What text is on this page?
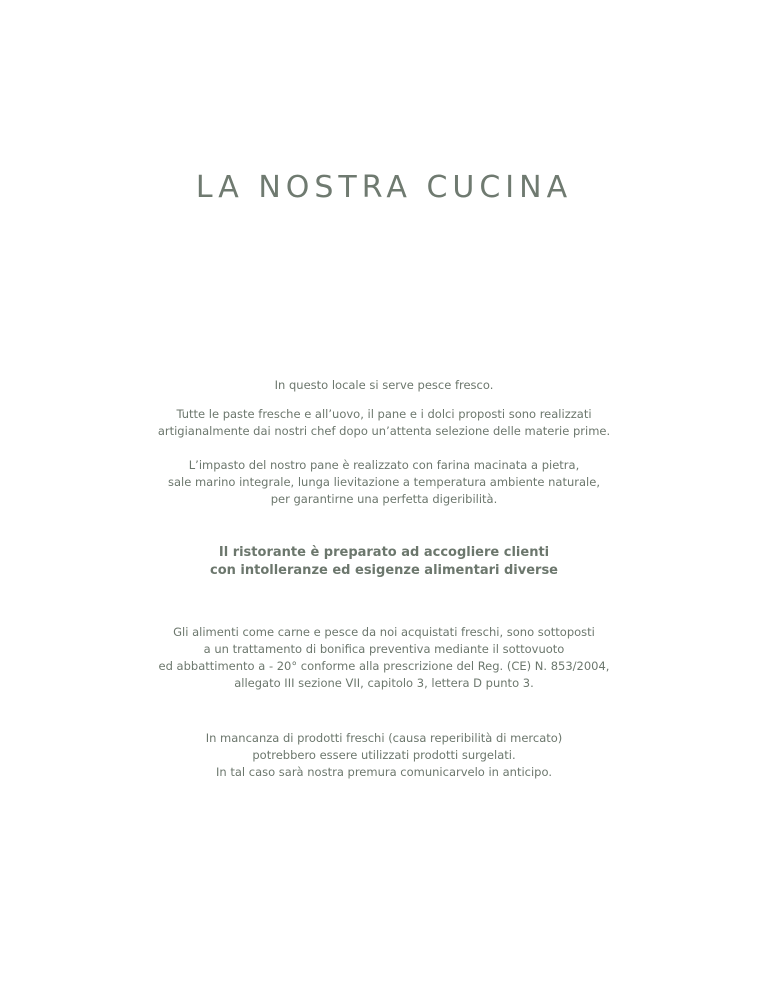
LA NOSTRA CUCINA
In questo locale si serve pesce fresco.
Tutte le paste fresche e all’uovo, il pane e i dolci proposti sono realizzati
artigianalmente dai nostri chef dopo un’attenta selezione delle materie prime.
L’impasto del nostro pane è realizzato con farina macinata a pietra,
sale marino integrale, lunga lievitazione a temperatura ambiente naturale,
per garantirne una perfetta digeribilità.
Il ristorante è preparato ad accogliere clienti
con intolleranze ed esigenze alimentari diverse
Gli alimenti come carne e pesce da noi acquistati freschi, sono sottoposti
a un trattamento di bonifica preventiva mediante il sottovuoto
ed abbattimento a - 20° conforme alla prescrizione del Reg. (CE) N. 853/2004,
allegato III sezione VII, capitolo 3, lettera D punto 3.
In mancanza di prodotti freschi (causa reperibilità di mercato)
potrebbero essere utilizzati prodotti surgelati.
In tal caso sarà nostra premura comunicarvelo in anticipo.
